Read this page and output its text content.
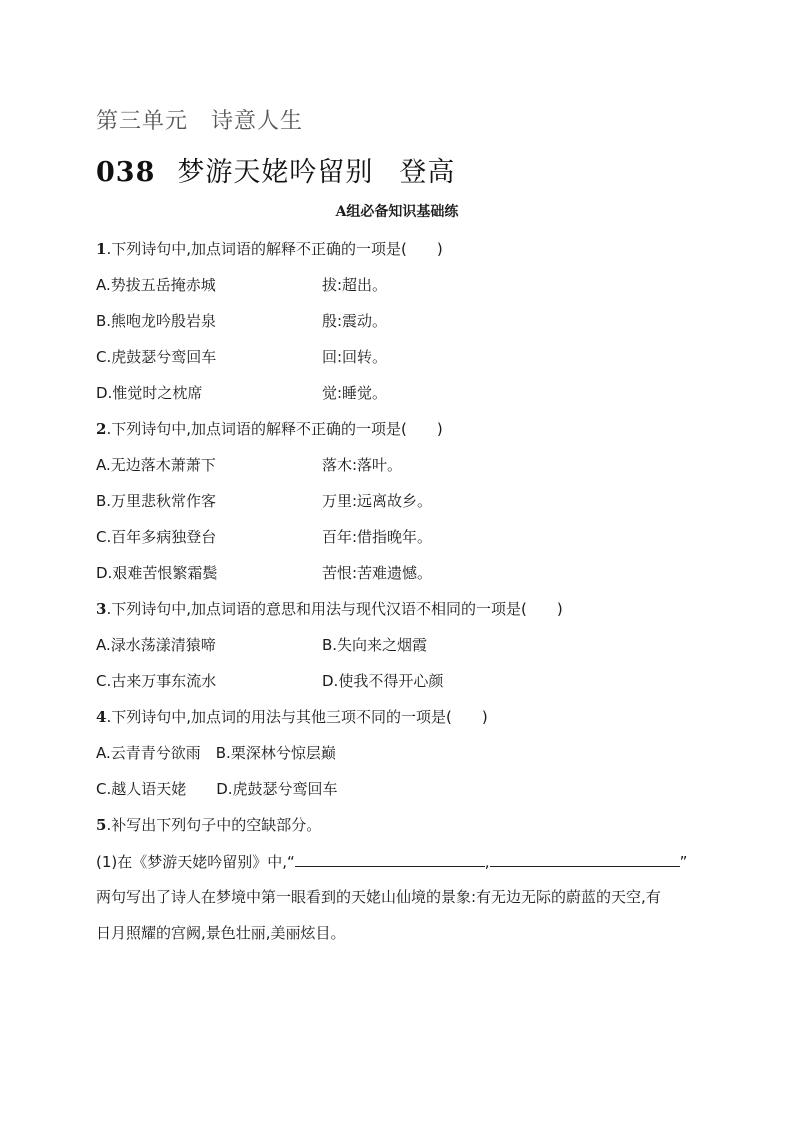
第三单元　诗意人生
038 梦游天姥吟留别 登高
A组必备知识基础练
1.下列诗句中,加点词语的解释不正确的一项是(　　)
A.势拔五岳掩赤城	拔:超出。
B.熊咆龙吟殷岩泉	殷:震动。
C.虎鼓瑟兮鸾回车	回:回转。
D.惟觉时之枕席	觉:睡觉。
2.下列诗句中,加点词语的解释不正确的一项是(　　)
A.无边落木萧萧下	落木:落叶。
B.万里悲秋常作客	万里:远离故乡。
C.百年多病独登台	百年:借指晚年。
D.艰难苦恨繁霜鬓	苦恨:苦难遗憾。
3.下列诗句中,加点词语的意思和用法与现代汉语不相同的一项是(　　)
A.渌水荡漾清猿啼	B.失向来之烟霞
C.古来万事东流水	D.使我不得开心颜
4.下列诗句中,加点词的用法与其他三项不同的一项是(　　)
A.云青青兮欲雨　B.栗深林兮惊层巅
C.越人语天姥　　D.虎鼓瑟兮鸾回车
5.补写出下列句子中的空缺部分。
(1)在《梦游天姥吟留别》中,“	,	”
两句写出了诗人在梦境中第一眼看到的天姥山仙境的景象:有无边无际的蔚蓝的天空,有
日月照耀的宫阙,景色壮丽,美丽炫目。
